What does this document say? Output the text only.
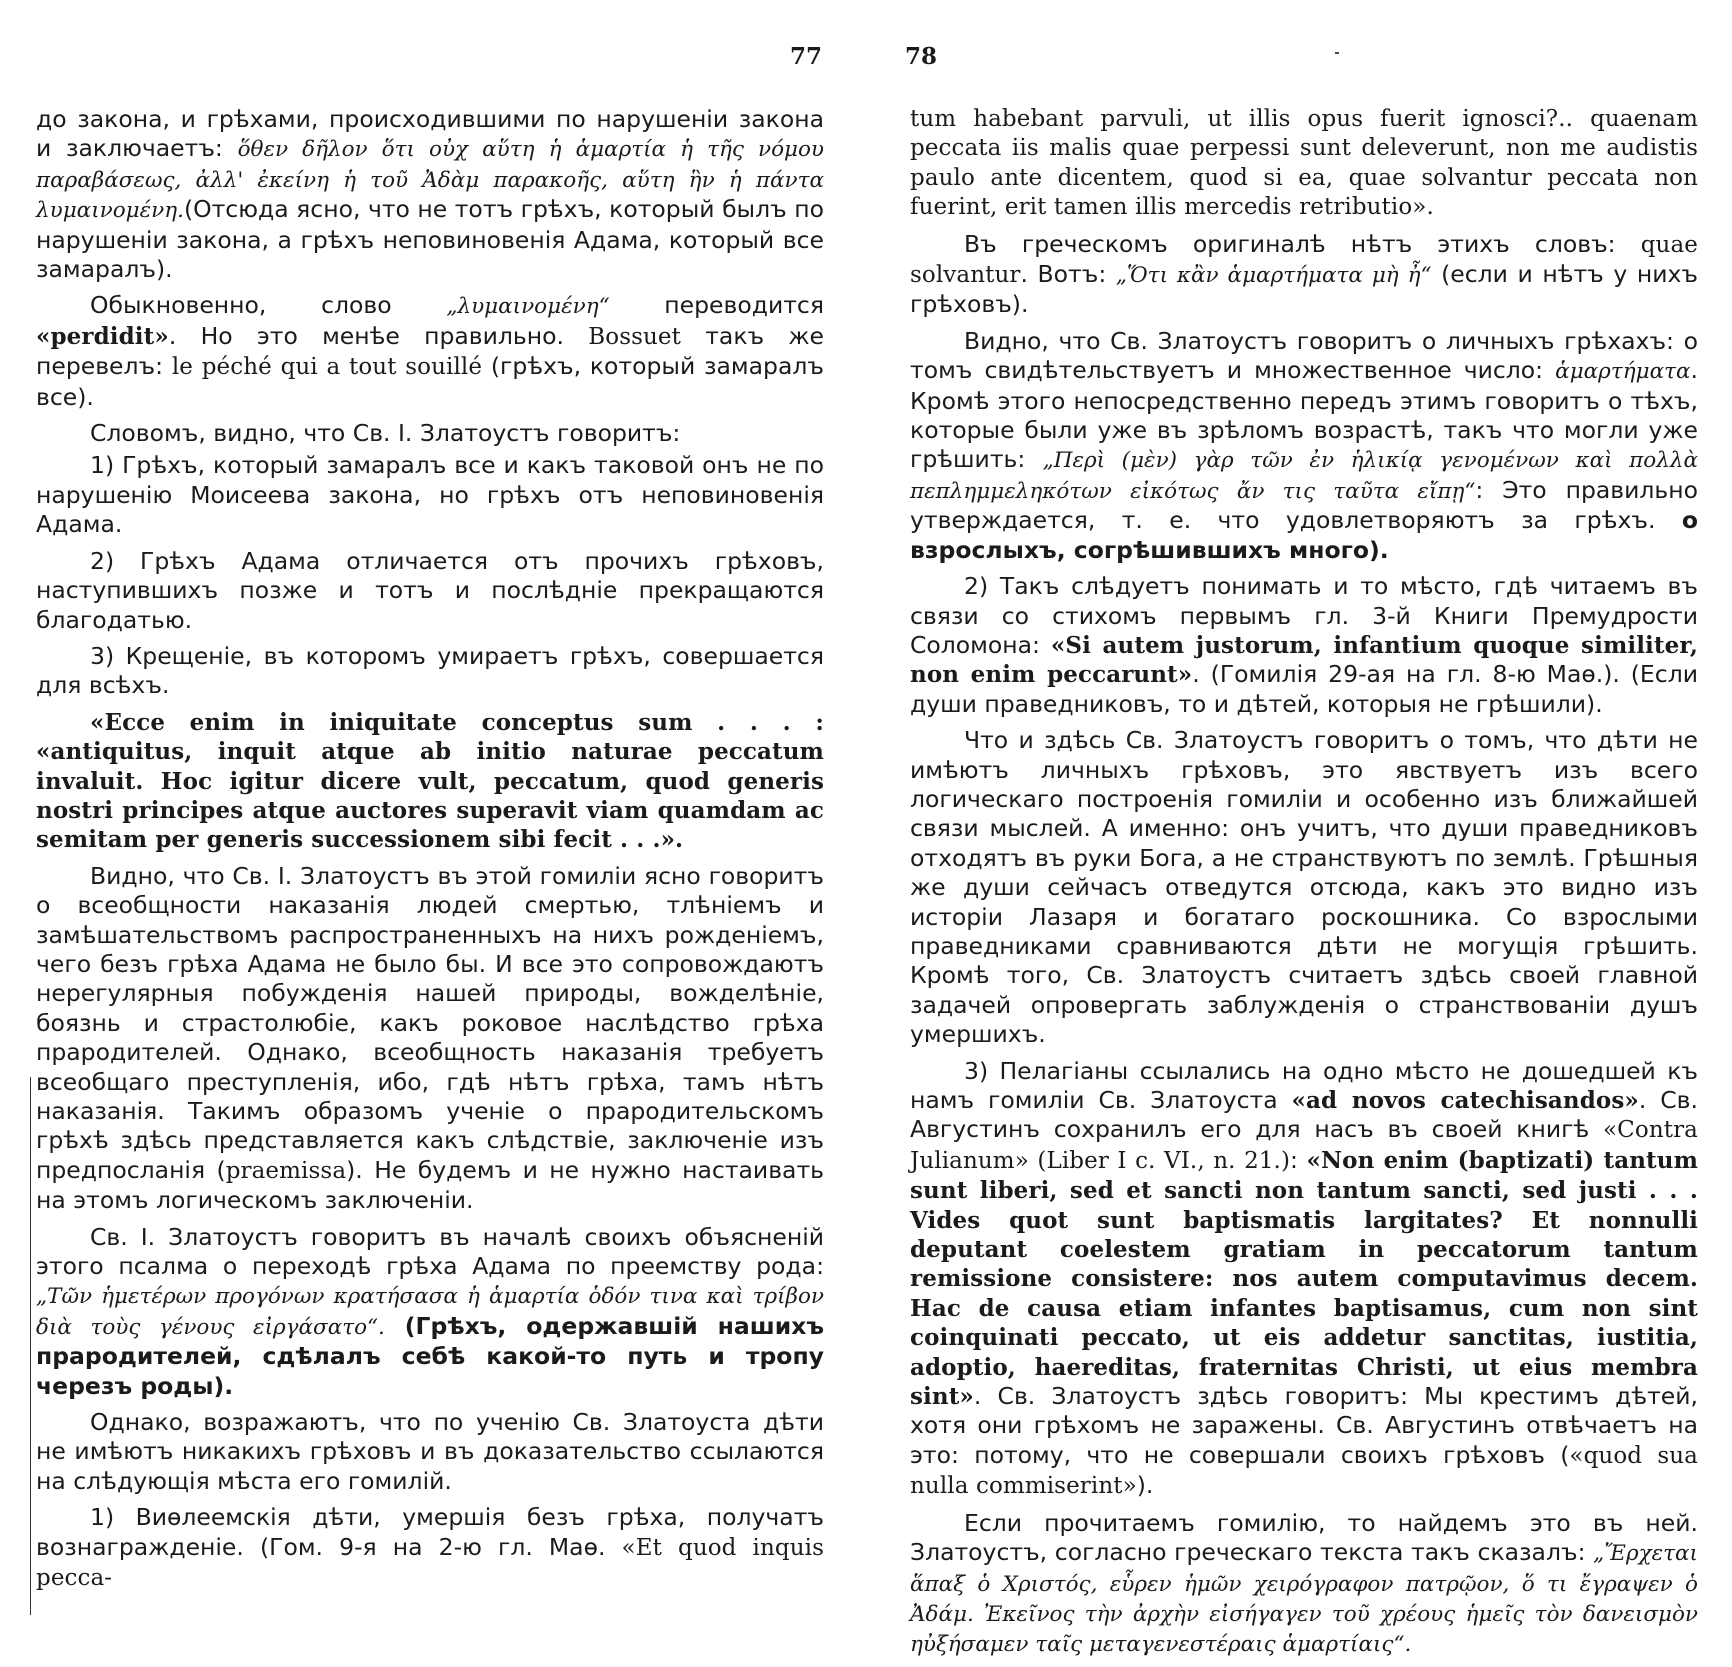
77	78

до закона, и грѣхами, происходившими по нарушеніи закона и заключаетъ: ὅθεν δῆλον ὅτι οὐχ αὕτη ἡ ἁμαρτία ἡ τῆς νόμου παραβάσεως, ἀλλ' ἐκείνη ἡ τοῦ Ἀδὰμ παρακοῆς, αὕτη ἣν ἡ πάντα λυμαινομένη.(Отсюда ясно, что не тотъ грѣхъ, который былъ по нарушеніи закона, а грѣхъ неповиновенія Адама, который все замаралъ).

Обыкновенно, слово „λυμαινομένη“ переводится «perdidit». Но это менѣе правильно. Bossuet такъ же перевелъ: le péché qui a tout souillé (грѣхъ, который замаралъ все).

Словомъ, видно, что Св. I. Златоустъ говоритъ:

1) Грѣхъ, который замаралъ все и какъ таковой онъ не по нарушенію Моисеева закона, но грѣхъ отъ неповиновенія Адама.

2) Грѣхъ Адама отличается отъ прочихъ грѣховъ, наступившихъ позже и тотъ и послѣдніе прекращаются благодатью.

3) Крещеніе, въ которомъ умираетъ грѣхъ, совершается для всѣхъ.

«Ecce enim in iniquitate conceptus sum . . . : «antiquitus, inquit atque ab initio naturae peccatum invaluit. Hoc igitur dicere vult, peccatum, quod generis nostri principes atque auctores superavit viam quamdam ac semitam per generis successionem sibi fecit . . .».

Видно, что Св. I. Златоустъ въ этой гомиліи ясно говоритъ о всеобщности наказанія людей смертью, тлѣніемъ и замѣшательствомъ распространенныхъ на нихъ рожденіемъ, чего безъ грѣха Адама не было бы. И все это сопровождаютъ нерегулярныя побужденія нашей природы, вожделѣніе, боязнь и страстолюбіе, какъ роковое наслѣдство грѣха прародителей. Однако, всеобщность наказанія требуетъ всеобщаго преступленія, ибо, гдѣ нѣтъ грѣха, тамъ нѣтъ наказанія. Такимъ образомъ ученіе о прародительскомъ грѣхѣ здѣсь представляется какъ слѣдствіе, заключеніе изъ предпосланія (praemissa). Не будемъ и не нужно настаивать на этомъ логическомъ заключеніи.

Св. I. Златоустъ говоритъ въ началѣ своихъ объясненій этого псалма о переходѣ грѣха Адама по преемству рода: „Τῶν ἡμετέρων προγόνων κρατήσασα ἡ ἁμαρτία ὁδόν τινα καὶ τρίβον διὰ τοὺς γένους εἰργάσατο“. (Грѣхъ, одержавшій нашихъ прародителей, сдѣлалъ себѣ какой-то путь и тропу черезъ роды).

Однако, возражаютъ, что по ученію Св. Златоуста дѣти не имѣютъ никакихъ грѣховъ и въ доказательство ссылаются на слѣдующія мѣста его гомилій.

1) Виѳлеемскія дѣти, умершія безъ грѣха, получатъ вознагражденіе. (Гом. 9-я на 2-ю гл. Маѳ. «Et quod inquis pecca-

tum habebant parvuli, ut illis opus fuerit ignosci?.. quaenam peccata iis malis quae perpessi sunt deleverunt, non me audistis paulo ante dicentem, quod si ea, quae solvantur peccata non fuerint, erit tamen illis mercedis retributio».

Въ греческомъ оригиналѣ нѣтъ этихъ словъ: quae solvantur. Вотъ: „Ὅτι κἂν ἁμαρτήματα μὴ ἦ“ (если и нѣтъ у нихъ грѣховъ).

Видно, что Св. Златоустъ говоритъ о личныхъ грѣхахъ: о томъ свидѣтельствуетъ и множественное число: ἁμαρτήματα. Кромѣ этого непосредственно передъ этимъ говоритъ о тѣхъ, которые были уже въ зрѣломъ возрастѣ, такъ что могли уже грѣшить: „Περὶ (μὲν) γὰρ τῶν ἐν ἡλικίᾳ γενομένων καὶ πολλὰ πεπλημμεληκότων εἰκότως ἄν τις ταῦτα εἴπῃ“: Это правильно утверждается, т. е. что удовлетворяютъ за грѣхъ. о взрослыхъ, согрѣшившихъ много).

2) Такъ слѣдуетъ понимать и то мѣсто, гдѣ читаемъ въ связи со стихомъ первымъ гл. 3-й Книги Премудрости Соломона: «Si autem justorum, infantium quoque similiter, non enim peccarunt». (Гомилія 29-ая на гл. 8-ю Маѳ.). (Если души праведниковъ, то и дѣтей, которыя не грѣшили).

Что и здѣсь Св. Златоустъ говоритъ о томъ, что дѣти не имѣютъ личныхъ грѣховъ, это явствуетъ изъ всего логическаго построенія гомиліи и особенно изъ ближайшей связи мыслей. А именно: онъ учитъ, что души праведниковъ отходятъ въ руки Бога, а не странствуютъ по землѣ. Грѣшныя же души сейчасъ отведутся отсюда, какъ это видно изъ исторіи Лазаря и богатаго роскошника. Со взрослыми праведниками сравниваются дѣти не могущія грѣшить. Кромѣ того, Св. Златоустъ считаетъ здѣсь своей главной задачей опровергать заблужденія о странствованіи душъ умершихъ.

3) Пелагіаны ссылались на одно мѣсто не дошедшей къ намъ гомиліи Св. Златоуста «ad novos catechisandos». Св. Августинъ сохранилъ его для насъ въ своей книгѣ «Contra Julianum» (Liber I c. VI., n. 21.): «Non enim (baptizati) tantum sunt liberi, sed et sancti non tantum sancti, sed justi . . . Vides quot sunt baptismatis largitates? Et nonnulli deputant coelestem gratiam in peccatorum tantum remissione consistere: nos autem computavimus decem. Hac de causa etiam infantes baptisamus, cum non sint coinquinati peccato, ut eis addetur sanctitas, iustitia, adoptio, haereditas, fraternitas Christi, ut eius membra sint». Св. Златоустъ здѣсь говоритъ: Мы крестимъ дѣтей, хотя они грѣхомъ не заражены. Св. Августинъ отвѣчаетъ на это: потому, что не совершали своихъ грѣховъ («quod sua nulla commiserint»).

Если прочитаемъ гомилію, то найдемъ это въ ней. Златоустъ, согласно греческаго текста такъ сказалъ: „Ἔρχεται ἅπαξ ὁ Χριστός, εὗρεν ἡμῶν χειρόγραφον πατρῷον, ὅ τι ἔγραψεν ὁ Ἀδάμ. Ἐκεῖνος τὴν ἀρχὴν εἰσήγαγεν τοῦ χρέους ἡμεῖς τὸν δανεισμὸν ηὐξήσαμεν ταῖς μεταγενεστέραις ἁμαρτίαις“.
